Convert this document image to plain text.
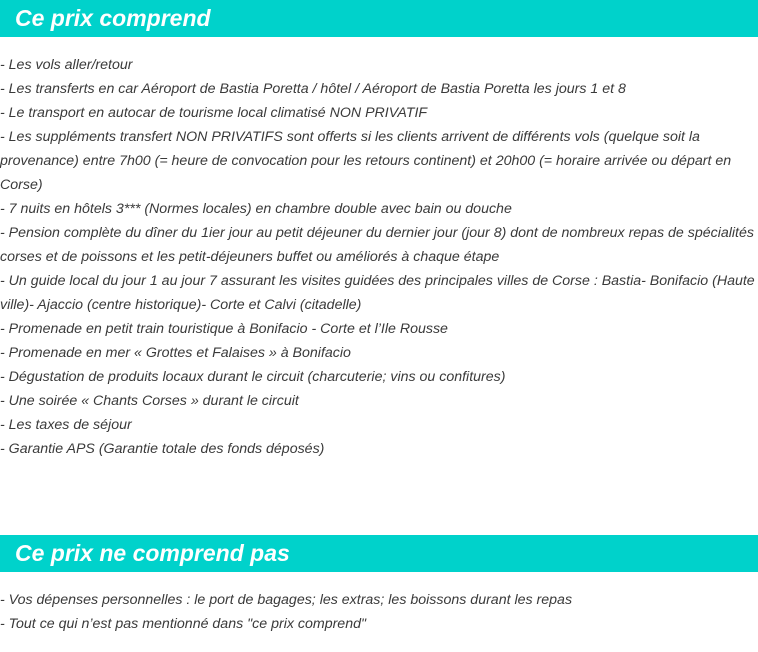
Ce prix comprend
- Les vols aller/retour
- Les transferts en car Aéroport de Bastia Poretta / hôtel / Aéroport de Bastia Poretta les jours 1 et 8
- Le transport en autocar de tourisme local climatisé NON PRIVATIF
- Les suppléments transfert NON PRIVATIFS sont offerts si les clients arrivent de différents vols (quelque soit la provenance) entre 7h00 (= heure de convocation pour les retours continent) et 20h00 (= horaire arrivée ou départ en Corse)
- 7 nuits en hôtels 3*** (Normes locales) en chambre double avec bain ou douche
- Pension complète du dîner du 1ier jour au petit déjeuner du dernier jour (jour 8) dont de nombreux repas de spécialités corses et de poissons et les petit-déjeuners buffet ou améliorés à chaque étape
- Un guide local du jour 1 au jour 7 assurant les visites guidées des principales villes de Corse : Bastia- Bonifacio (Haute ville)- Ajaccio (centre historique)- Corte et Calvi (citadelle)
- Promenade en petit train touristique à Bonifacio - Corte et l’Ile Rousse
- Promenade en mer « Grottes et Falaises » à Bonifacio
- Dégustation de produits locaux durant le circuit (charcuterie; vins ou confitures)
- Une soirée « Chants Corses » durant le circuit
- Les taxes de séjour
- Garantie APS (Garantie totale des fonds déposés)
Ce prix ne comprend pas
- Vos dépenses personnelles : le port de bagages; les extras; les boissons durant les repas
- Tout ce qui n’est pas mentionné dans "ce prix comprend"
